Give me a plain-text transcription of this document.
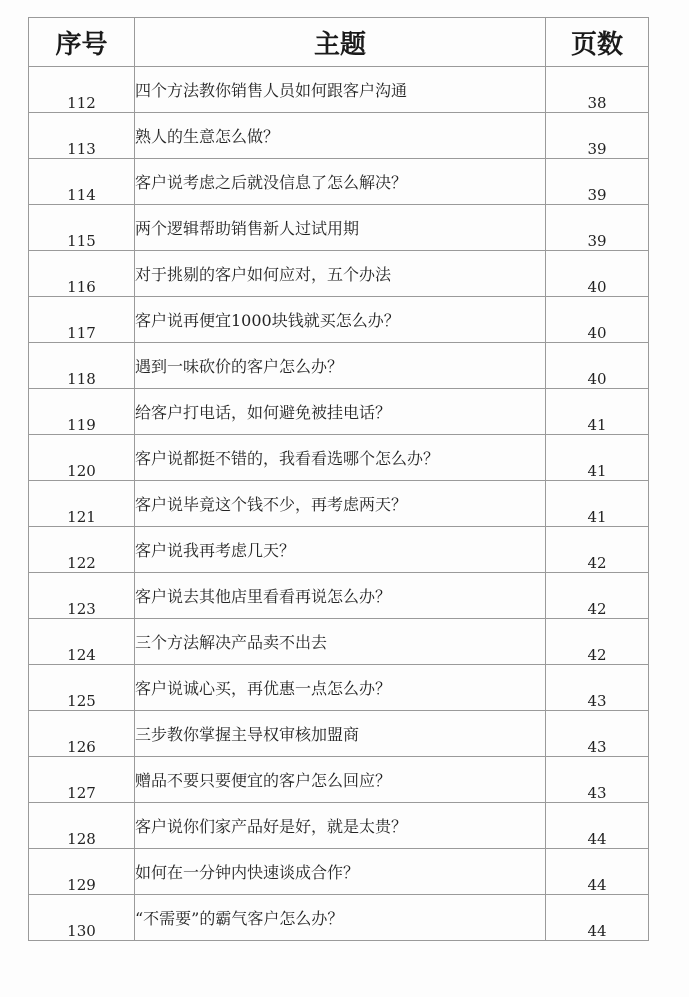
序号	主题	页数
112	四个方法教你销售人员如何跟客户沟通	38
113	熟人的生意怎么做？	39
114	客户说考虑之后就没信息了怎么解决？	39
115	两个逻辑帮助销售新人过试用期	39
116	对于挑剔的客户如何应对，五个办法	40
117	客户说再便宜1000块钱就买怎么办？	40
118	遇到一味砍价的客户怎么办？	40
119	给客户打电话，如何避免被挂电话？	41
120	客户说都挺不错的，我看看选哪个怎么办？	41
121	客户说毕竟这个钱不少，再考虑两天？	41
122	客户说我再考虑几天？	42
123	客户说去其他店里看看再说怎么办？	42
124	三个方法解决产品卖不出去	42
125	客户说诚心买，再优惠一点怎么办？	43
126	三步教你掌握主导权审核加盟商	43
127	赠品不要只要便宜的客户怎么回应？	43
128	客户说你们家产品好是好，就是太贵？	44
129	如何在一分钟内快速谈成合作？	44
130	“不需要”的霸气客户怎么办？	44
